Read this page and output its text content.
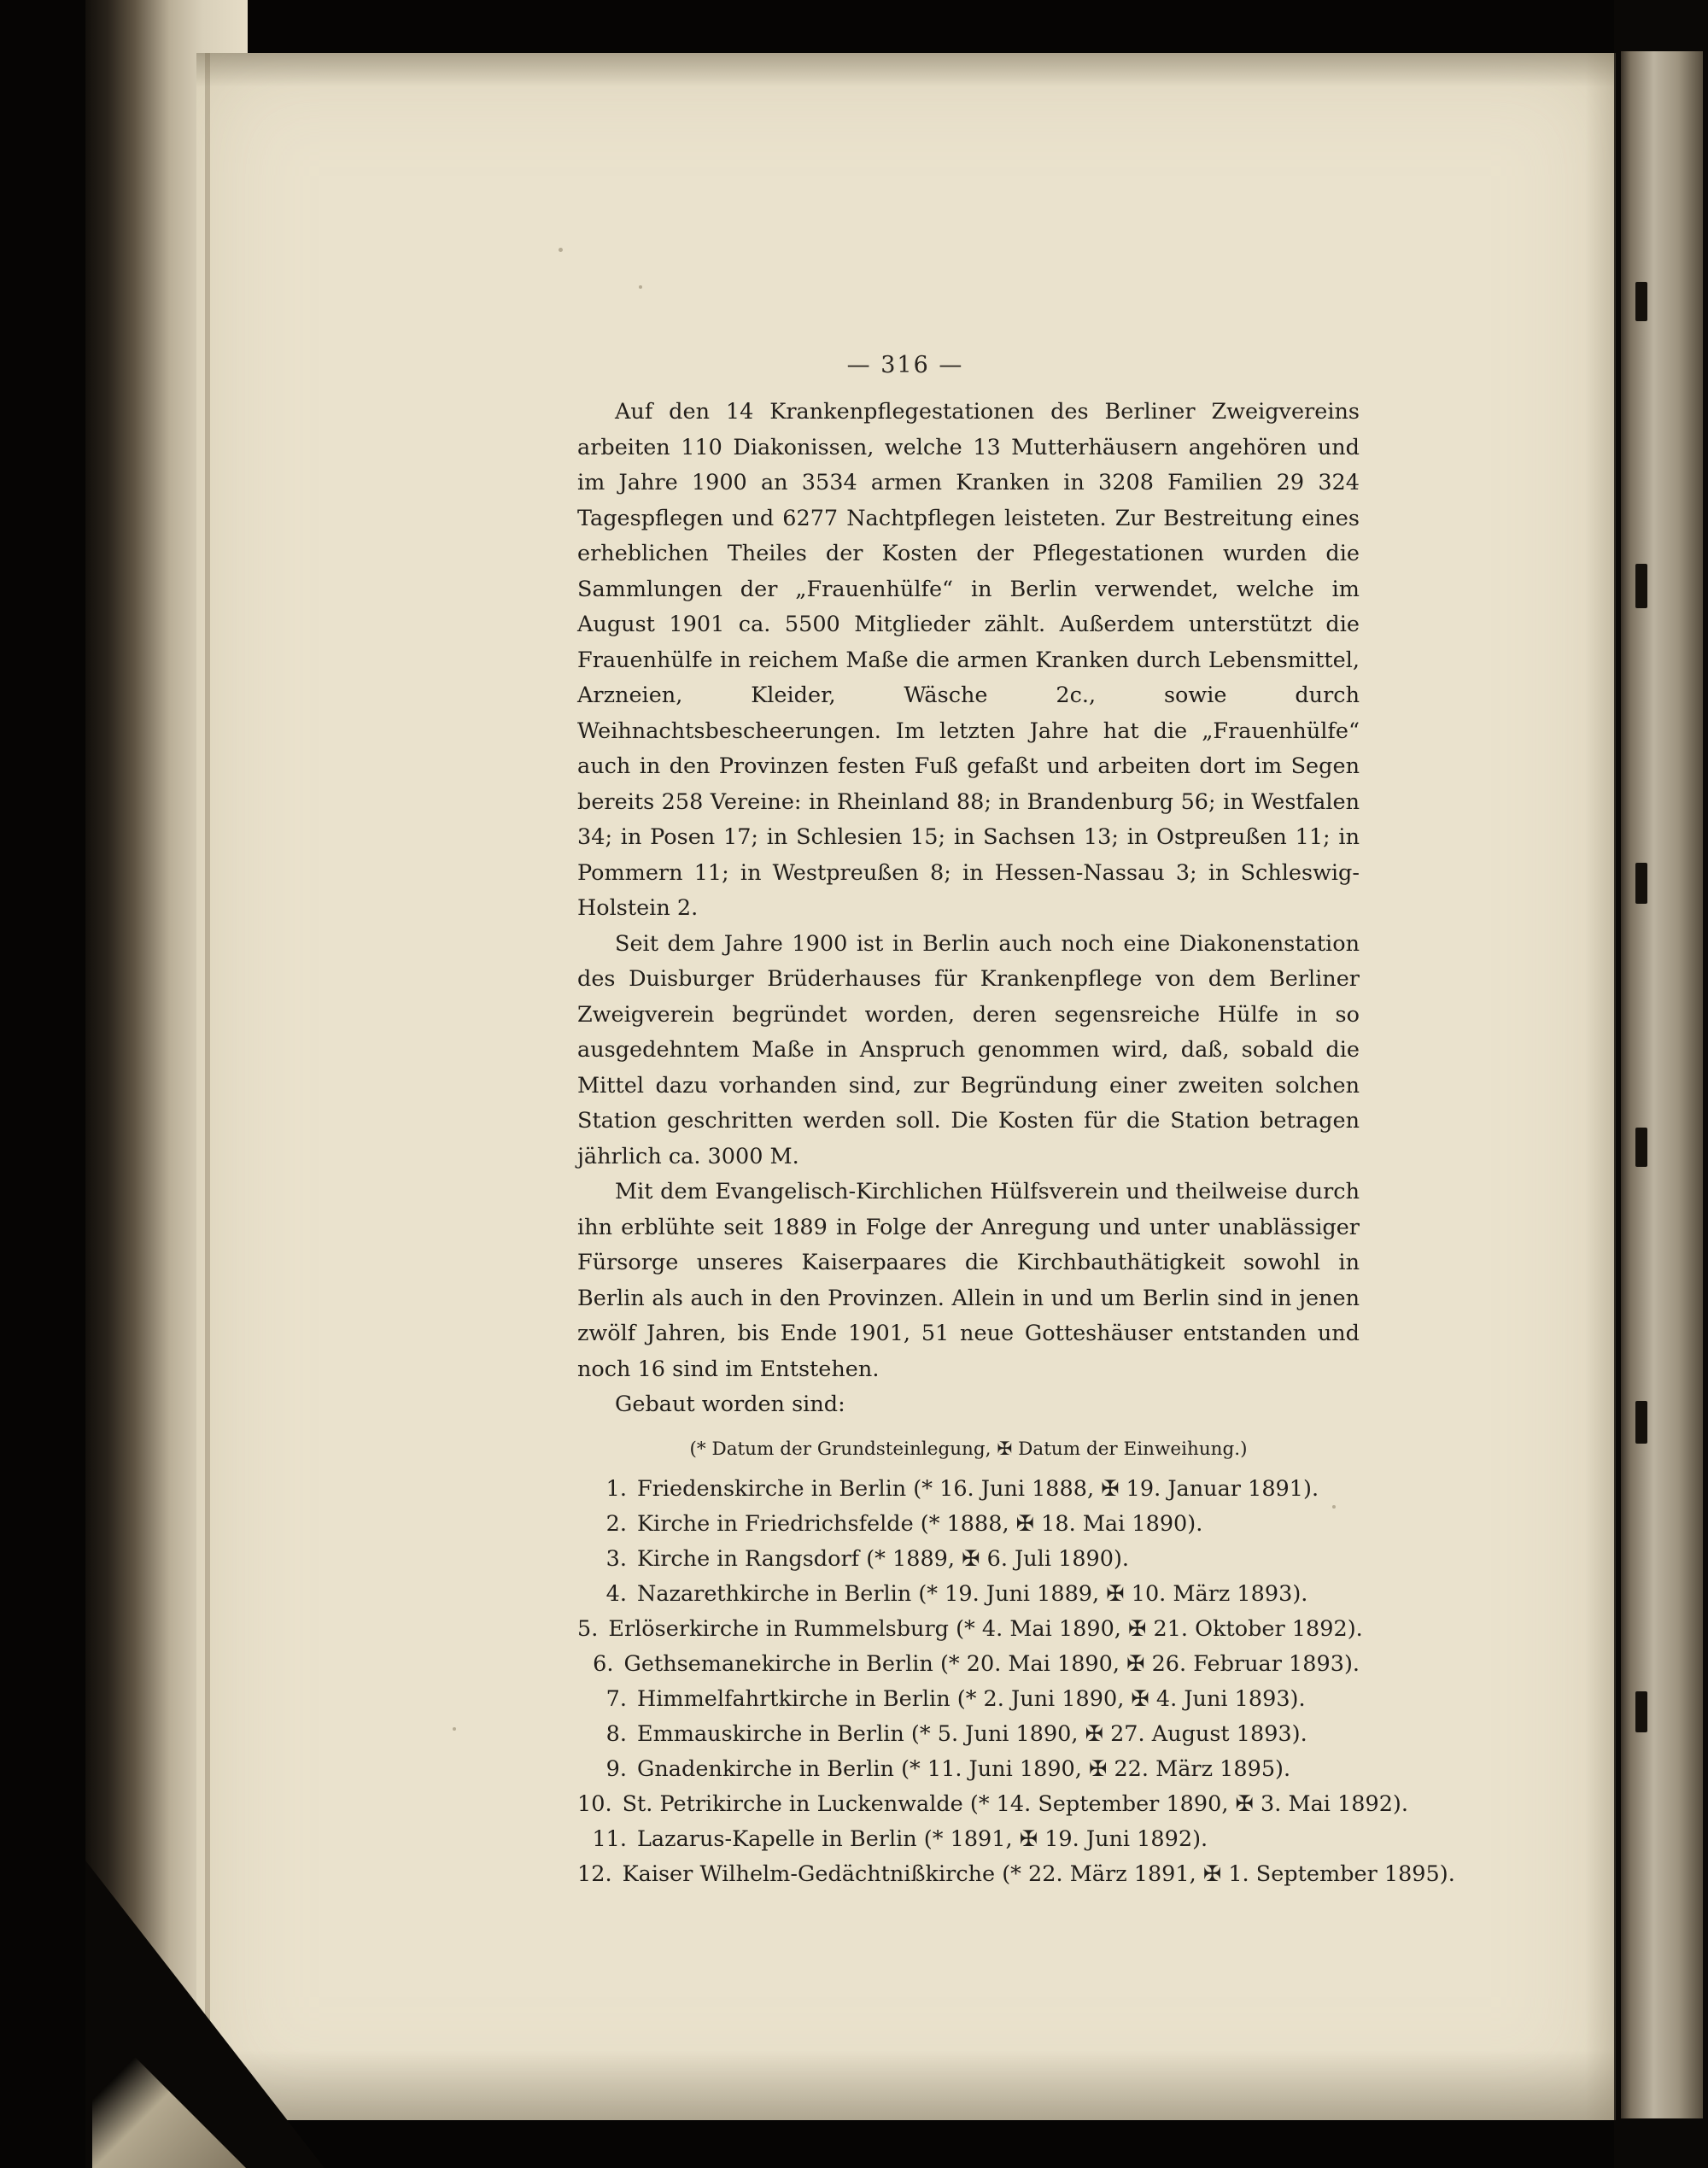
— 316 —

Auf den 14 Krankenpflegestationen des Berliner Zweigvereins arbeiten 110 Diakonissen, welche 13 Mutterhäusern angehören und im Jahre 1900 an 3534 armen Kranken in 3208 Familien 29 324 Tagespflegen und 6277 Nachtpflegen leisteten. Zur Bestreitung eines erheblichen Theiles der Kosten der Pflegestationen wurden die Sammlungen der „Frauenhülfe“ in Berlin verwendet, welche im August 1901 ca. 5500 Mitglieder zählt. Außerdem unterstützt die Frauenhülfe in reichem Maße die armen Kranken durch Lebensmittel, Arzneien, Kleider, Wäsche 2c., sowie durch Weihnachtsbescheerungen. Im letzten Jahre hat die „Frauenhülfe“ auch in den Provinzen festen Fuß gefaßt und arbeiten dort im Segen bereits 258 Vereine: in Rheinland 88; in Brandenburg 56; in Westfalen 34; in Posen 17; in Schlesien 15; in Sachsen 13; in Ostpreußen 11; in Pommern 11; in Westpreußen 8; in Hessen-Nassau 3; in Schleswig-Holstein 2.

Seit dem Jahre 1900 ist in Berlin auch noch eine Diakonenstation des Duisburger Brüderhauses für Krankenpflege von dem Berliner Zweigverein begründet worden, deren segensreiche Hülfe in so ausgedehntem Maße in Anspruch genommen wird, daß, sobald die Mittel dazu vorhanden sind, zur Begründung einer zweiten solchen Station geschritten werden soll. Die Kosten für die Station betragen jährlich ca. 3000 M.

Mit dem Evangelisch-Kirchlichen Hülfsverein und theilweise durch ihn erblühte seit 1889 in Folge der Anregung und unter unablässiger Fürsorge unseres Kaiserpaares die Kirchbauthätigkeit sowohl in Berlin als auch in den Provinzen. Allein in und um Berlin sind in jenen zwölf Jahren, bis Ende 1901, 51 neue Gotteshäuser entstanden und noch 16 sind im Entstehen.

Gebaut worden sind:

(* Datum der Grundsteinlegung, ✠ Datum der Einweihung.)
1. Friedenskirche in Berlin (* 16. Juni 1888, ✠ 19. Januar 1891).
2. Kirche in Friedrichsfelde (* 1888, ✠ 18. Mai 1890).
3. Kirche in Rangsdorf (* 1889, ✠ 6. Juli 1890).
4. Nazarethkirche in Berlin (* 19. Juni 1889, ✠ 10. März 1893).
5. Erlöserkirche in Rummelsburg (* 4. Mai 1890, ✠ 21. Oktober 1892).
6. Gethsemanekirche in Berlin (* 20. Mai 1890, ✠ 26. Februar 1893).
7. Himmelfahrtkirche in Berlin (* 2. Juni 1890, ✠ 4. Juni 1893).
8. Emmauskirche in Berlin (* 5. Juni 1890, ✠ 27. August 1893).
9. Gnadenkirche in Berlin (* 11. Juni 1890, ✠ 22. März 1895).
10. St. Petrikirche in Luckenwalde (* 14. September 1890, ✠ 3. Mai 1892).
11. Lazarus-Kapelle in Berlin (* 1891, ✠ 19. Juni 1892).
12. Kaiser Wilhelm-Gedächtnißkirche (* 22. März 1891, ✠ 1. September 1895).
